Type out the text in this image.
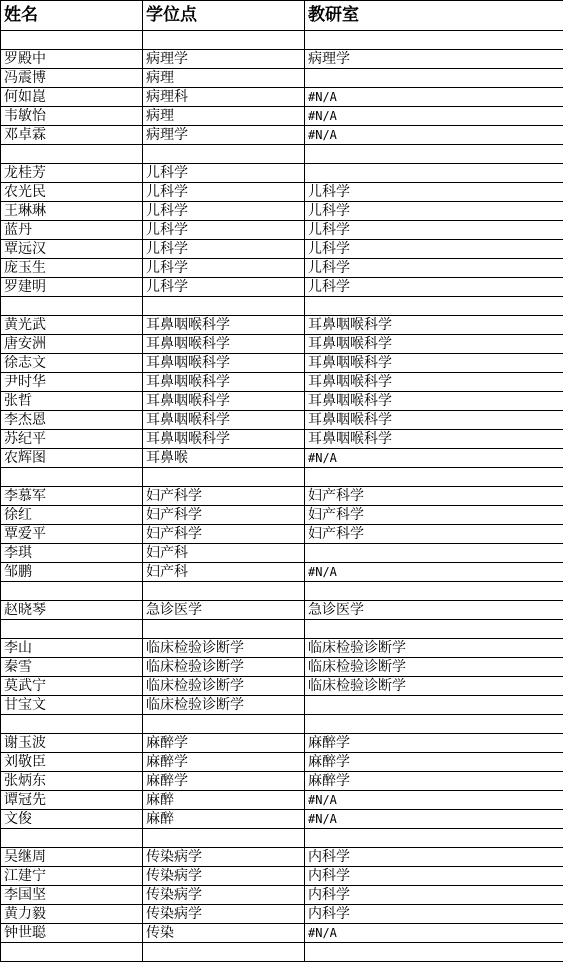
姓名	学位点	教研室

罗殿中	病理学	病理学
冯震博	病理	
何如崑	病理科	#N/A
韦敏怡	病理	#N/A
邓卓霖	病理学	#N/A

龙桂芳	儿科学	
农光民	儿科学	儿科学
王琳琳	儿科学	儿科学
蓝丹	儿科学	儿科学
覃远汉	儿科学	儿科学
庞玉生	儿科学	儿科学
罗建明	儿科学	儿科学

黄光武	耳鼻咽喉科学	耳鼻咽喉科学
唐安洲	耳鼻咽喉科学	耳鼻咽喉科学
徐志文	耳鼻咽喉科学	耳鼻咽喉科学
尹时华	耳鼻咽喉科学	耳鼻咽喉科学
张哲	耳鼻咽喉科学	耳鼻咽喉科学
李杰恩	耳鼻咽喉科学	耳鼻咽喉科学
苏纪平	耳鼻咽喉科学	耳鼻咽喉科学
农辉图	耳鼻喉	#N/A

李慕军	妇产科学	妇产科学
徐红	妇产科学	妇产科学
覃爱平	妇产科学	妇产科学
李琪	妇产科	
邹鹏	妇产科	#N/A

赵晓琴	急诊医学	急诊医学

李山	临床检验诊断学	临床检验诊断学
秦雪	临床检验诊断学	临床检验诊断学
莫武宁	临床检验诊断学	临床检验诊断学
甘宝文	临床检验诊断学	

谢玉波	麻醉学	麻醉学
刘敬臣	麻醉学	麻醉学
张炳东	麻醉学	麻醉学
谭冠先	麻醉	#N/A
文俊	麻醉	#N/A

吴继周	传染病学	内科学
江建宁	传染病学	内科学
李国坚	传染病学	内科学
黄力毅	传染病学	内科学
钟世聪	传染	#N/A
